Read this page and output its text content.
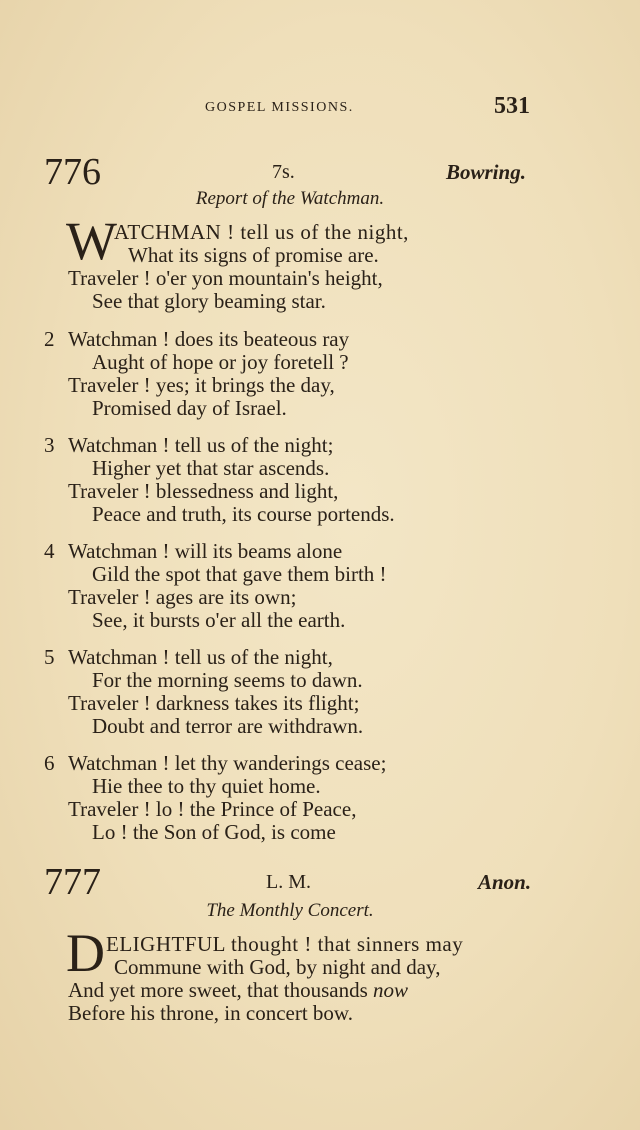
GOSPEL MISSIONS.	531
776	7s.	Bowring.
Report of the Watchman.
W
ATCHMAN ! tell us of the night,
What its signs of promise are.
Traveler ! o'er yon mountain's height,
See that glory beaming star.
2 Watchman ! does its beateous ray
Aught of hope or joy foretell ?
Traveler ! yes; it brings the day,
Promised day of Israel.
3 Watchman ! tell us of the night;
Higher yet that star ascends.
Traveler ! blessedness and light,
Peace and truth, its course portends.
4 Watchman ! will its beams alone
Gild the spot that gave them birth !
Traveler ! ages are its own;
See, it bursts o'er all the earth.
5 Watchman ! tell us of the night,
For the morning seems to dawn.
Traveler ! darkness takes its flight;
Doubt and terror are withdrawn.
6 Watchman ! let thy wanderings cease;
Hie thee to thy quiet home.
Traveler ! lo ! the Prince of Peace,
Lo ! the Son of God, is come
777	L. M.	Anon.
The Monthly Concert.
D ELIGHTFUL thought ! that sinners may
Commune with God, by night and day,
And yet more sweet, that thousands now
Before his throne, in concert bow.
